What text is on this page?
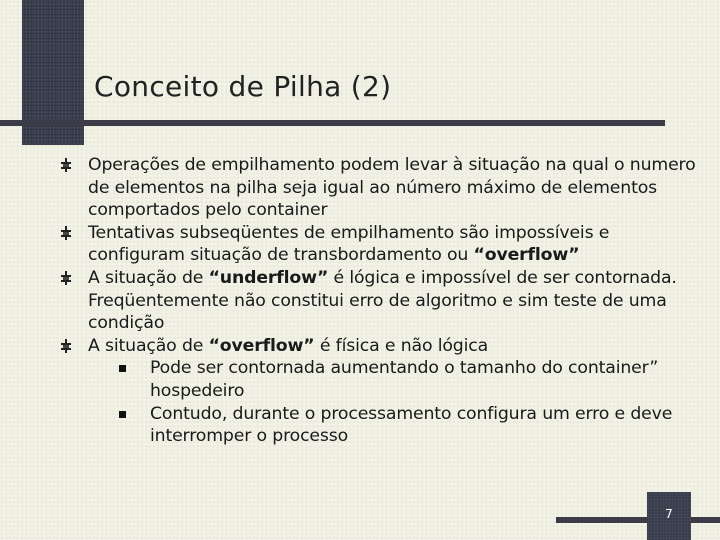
Conceito de Pilha (2)
Operações de empilhamento podem levar à situação na qual o numero de elementos na pilha seja igual ao número máximo de elementos comportados pelo container
Tentativas subseqüentes de empilhamento são impossíveis e configuram situação de transbordamento ou “overflow”
A situação de “underflow” é lógica e impossível de ser contornada. Freqüentemente não constitui erro de algoritmo e sim teste de uma condição
A situação de “overflow” é física e não lógica
Pode ser contornada aumentando o tamanho do container” hospedeiro
Contudo, durante o processamento configura um erro e deve interromper o processo
7
